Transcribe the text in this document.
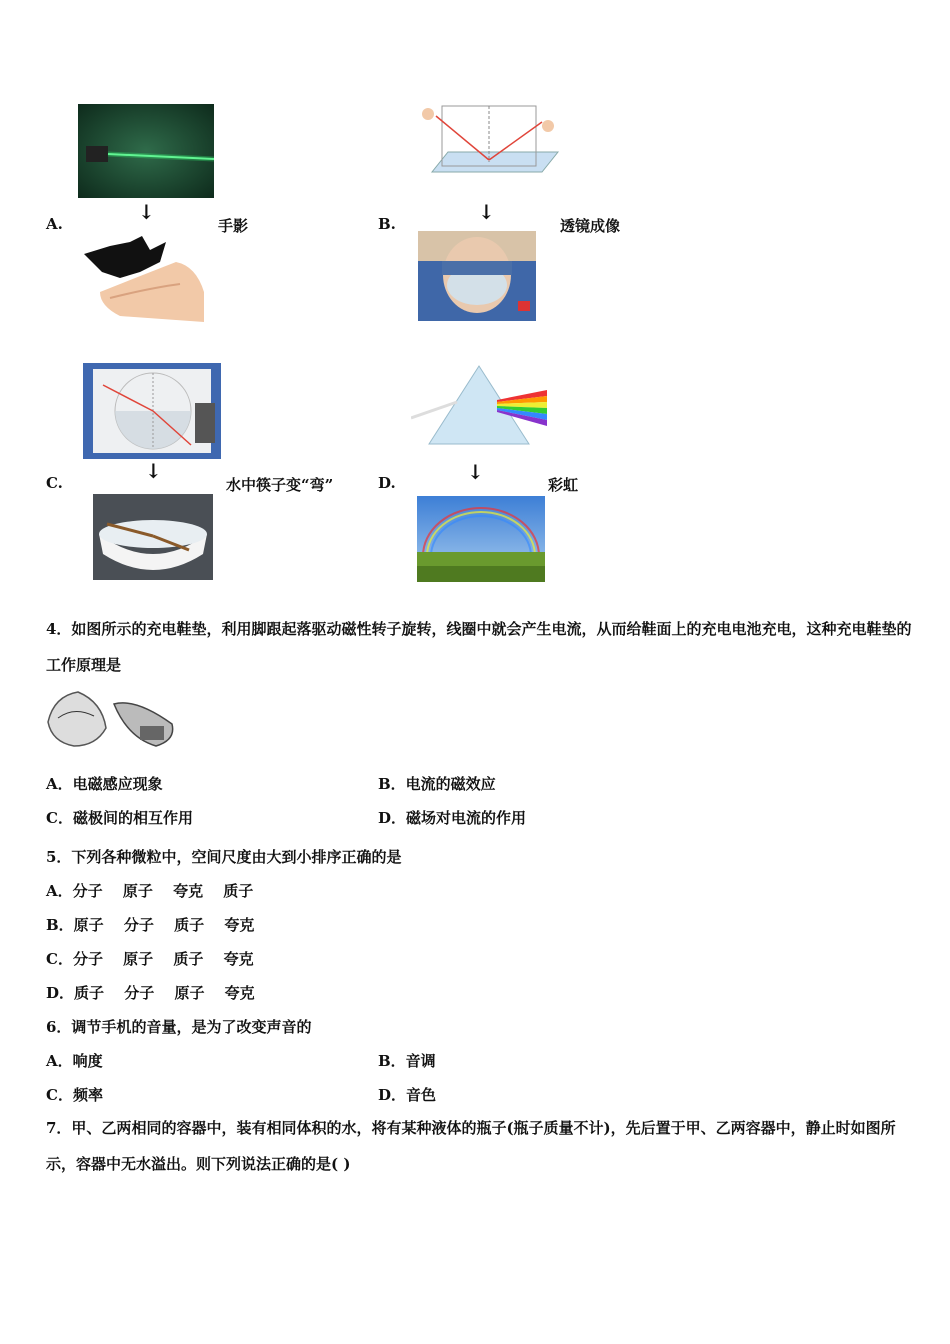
↓
A.	手影
↓
B.	透镜成像
↓
C.	水中筷子变“弯”
↓
D.	彩虹
4．如图所示的充电鞋垫，利用脚跟起落驱动磁性转子旋转，线圈中就会产生电流，从而给鞋面上的充电电池充电，这种充电鞋垫的工作原理是
A．电磁感应现象	B．电流的磁效应
C．磁极间的相互作用	D．磁场对电流的作用
5．下列各种微粒中，空间尺度由大到小排序正确的是
A．分子　 原子　 夸克　 质子
B．原子　 分子　 质子　 夸克
C．分子　 原子　 质子　 夸克
D．质子　 分子　 原子　 夸克
6．调节手机的音量，是为了改变声音的
A．响度	B．音调
C．频率	D．音色
7．甲、乙两相同的容器中，装有相同体积的水，将有某种液体的瓶子(瓶子质量不计)，先后置于甲、乙两容器中，静止时如图所示，容器中无水溢出。则下列说法正确的是( )
